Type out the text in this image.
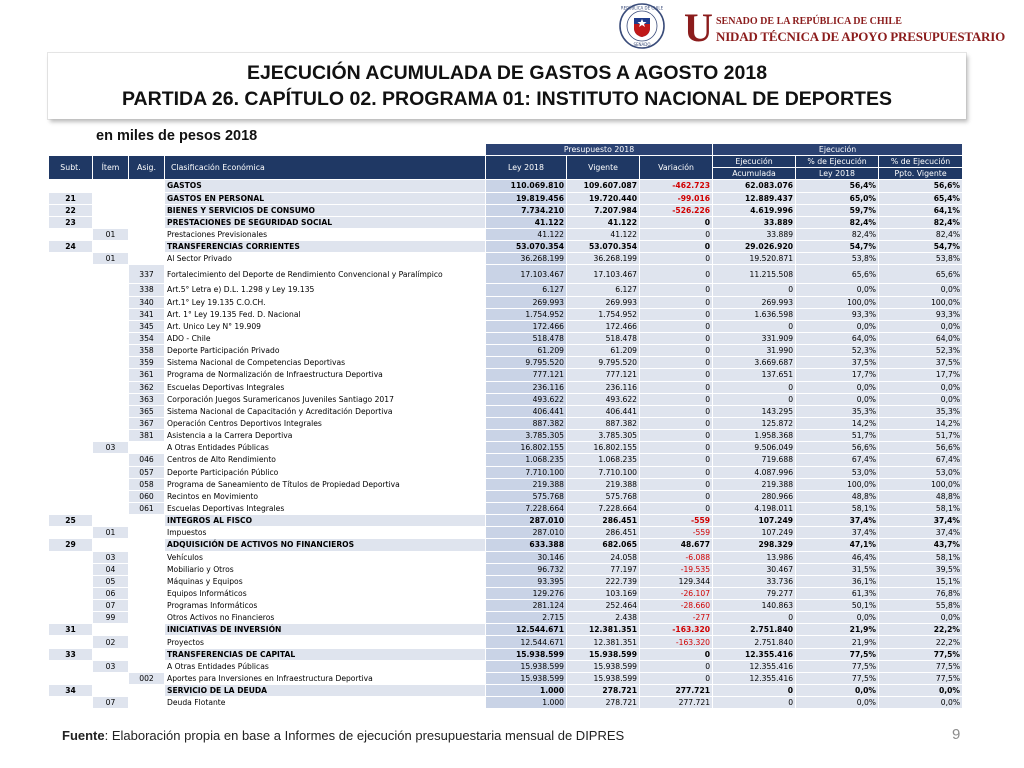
REPÚBLICA DE CHILE
SENADO U SENADO DE LA REPÚBLICA DE CHILE
NIDAD TÉCNICA DE APOYO PRESUPUESTARIO
EJECUCIÓN ACUMULADA DE GASTOS A AGOSTO 2018
PARTIDA 26. CAPÍTULO 02. PROGRAMA 01: INSTITUTO NACIONAL DE DEPORTES
en miles de pesos 2018
				Presupuesto 2018			Ejecución		
Subt.	Ítem	Asig.	Clasificación Económica	Ley 2018	Vigente	Variación	Ejecución	% de Ejecución	% de Ejecución
							Acumulada	Ley 2018	Ppto. Vigente
			GASTOS	110.069.810	109.607.087	-462.723	62.083.076	56,4%	56,6%
21			GASTOS EN PERSONAL	19.819.456	19.720.440	-99.016	12.889.437	65,0%	65,4%
22			BIENES Y SERVICIOS DE CONSUMO	7.734.210	7.207.984	-526.226	4.619.996	59,7%	64,1%
23			PRESTACIONES DE SEGURIDAD SOCIAL	41.122	41.122	0	33.889	82,4%	82,4%
	01		Prestaciones Previsionales	41.122	41.122	0	33.889	82,4%	82,4%
24			TRANSFERENCIAS CORRIENTES	53.070.354	53.070.354	0	29.026.920	54,7%	54,7%
	01		Al Sector Privado	36.268.199	36.268.199	0	19.520.871	53,8%	53,8%
		337	Fortalecimiento del Deporte de Rendimiento Convencional y Paralímpico	17.103.467	17.103.467	0	11.215.508	65,6%	65,6%
		338	Art.5° Letra e) D.L. 1.298 y Ley 19.135	6.127	6.127	0	0	0,0%	0,0%
		340	Art.1° Ley 19.135 C.O.CH.	269.993	269.993	0	269.993	100,0%	100,0%
		341	Art. 1° Ley 19.135 Fed. D. Nacional	1.754.952	1.754.952	0	1.636.598	93,3%	93,3%
		345	Art. Unico Ley N° 19.909	172.466	172.466	0	0	0,0%	0,0%
		354	ADO - Chile	518.478	518.478	0	331.909	64,0%	64,0%
		358	Deporte Participación Privado	61.209	61.209	0	31.990	52,3%	52,3%
		359	Sistema Nacional de Competencias Deportivas	9.795.520	9.795.520	0	3.669.687	37,5%	37,5%
		361	Programa de Normalización de Infraestructura Deportiva	777.121	777.121	0	137.651	17,7%	17,7%
		362	Escuelas Deportivas Integrales	236.116	236.116	0	0	0,0%	0,0%
		363	Corporación Juegos Suramericanos Juveniles Santiago 2017	493.622	493.622	0	0	0,0%	0,0%
		365	Sistema Nacional de Capacitación y Acreditación Deportiva	406.441	406.441	0	143.295	35,3%	35,3%
		367	Operación Centros Deportivos Integrales	887.382	887.382	0	125.872	14,2%	14,2%
		381	Asistencia a la Carrera Deportiva	3.785.305	3.785.305	0	1.958.368	51,7%	51,7%
	03		A Otras Entidades Públicas	16.802.155	16.802.155	0	9.506.049	56,6%	56,6%
		046	Centros de Alto Rendimiento	1.068.235	1.068.235	0	719.688	67,4%	67,4%
		057	Deporte Participación Público	7.710.100	7.710.100	0	4.087.996	53,0%	53,0%
		058	Programa de Saneamiento de Títulos de Propiedad Deportiva	219.388	219.388	0	219.388	100,0%	100,0%
		060	Recintos en Movimiento	575.768	575.768	0	280.966	48,8%	48,8%
		061	Escuelas Deportivas Integrales	7.228.664	7.228.664	0	4.198.011	58,1%	58,1%
25			INTEGROS AL FISCO	287.010	286.451	-559	107.249	37,4%	37,4%
	01		Impuestos	287.010	286.451	-559	107.249	37,4%	37,4%
29			ADQUISICIÓN DE ACTIVOS NO FINANCIEROS	633.388	682.065	48.677	298.329	47,1%	43,7%
	03		Vehículos	30.146	24.058	-6.088	13.986	46,4%	58,1%
	04		Mobiliario y Otros	96.732	77.197	-19.535	30.467	31,5%	39,5%
	05		Máquinas y Equipos	93.395	222.739	129.344	33.736	36,1%	15,1%
	06		Equipos Informáticos	129.276	103.169	-26.107	79.277	61,3%	76,8%
	07		Programas Informáticos	281.124	252.464	-28.660	140.863	50,1%	55,8%
	99		Otros Activos no Financieros	2.715	2.438	-277	0	0,0%	0,0%
31			INICIATIVAS DE INVERSIÓN	12.544.671	12.381.351	-163.320	2.751.840	21,9%	22,2%
	02		Proyectos	12.544.671	12.381.351	-163.320	2.751.840	21,9%	22,2%
33			TRANSFERENCIAS DE CAPITAL	15.938.599	15.938.599	0	12.355.416	77,5%	77,5%
	03		A Otras Entidades Públicas	15.938.599	15.938.599	0	12.355.416	77,5%	77,5%
		002	Aportes para Inversiones en Infraestructura Deportiva	15.938.599	15.938.599	0	12.355.416	77,5%	77,5%
34			SERVICIO DE LA DEUDA	1.000	278.721	277.721	0	0,0%	0,0%
	07		Deuda Flotante	1.000	278.721	277.721	0	0,0%	0,0%
Fuente: Elaboración propia en base a Informes de ejecución presupuestaria mensual de DIPRES	9
